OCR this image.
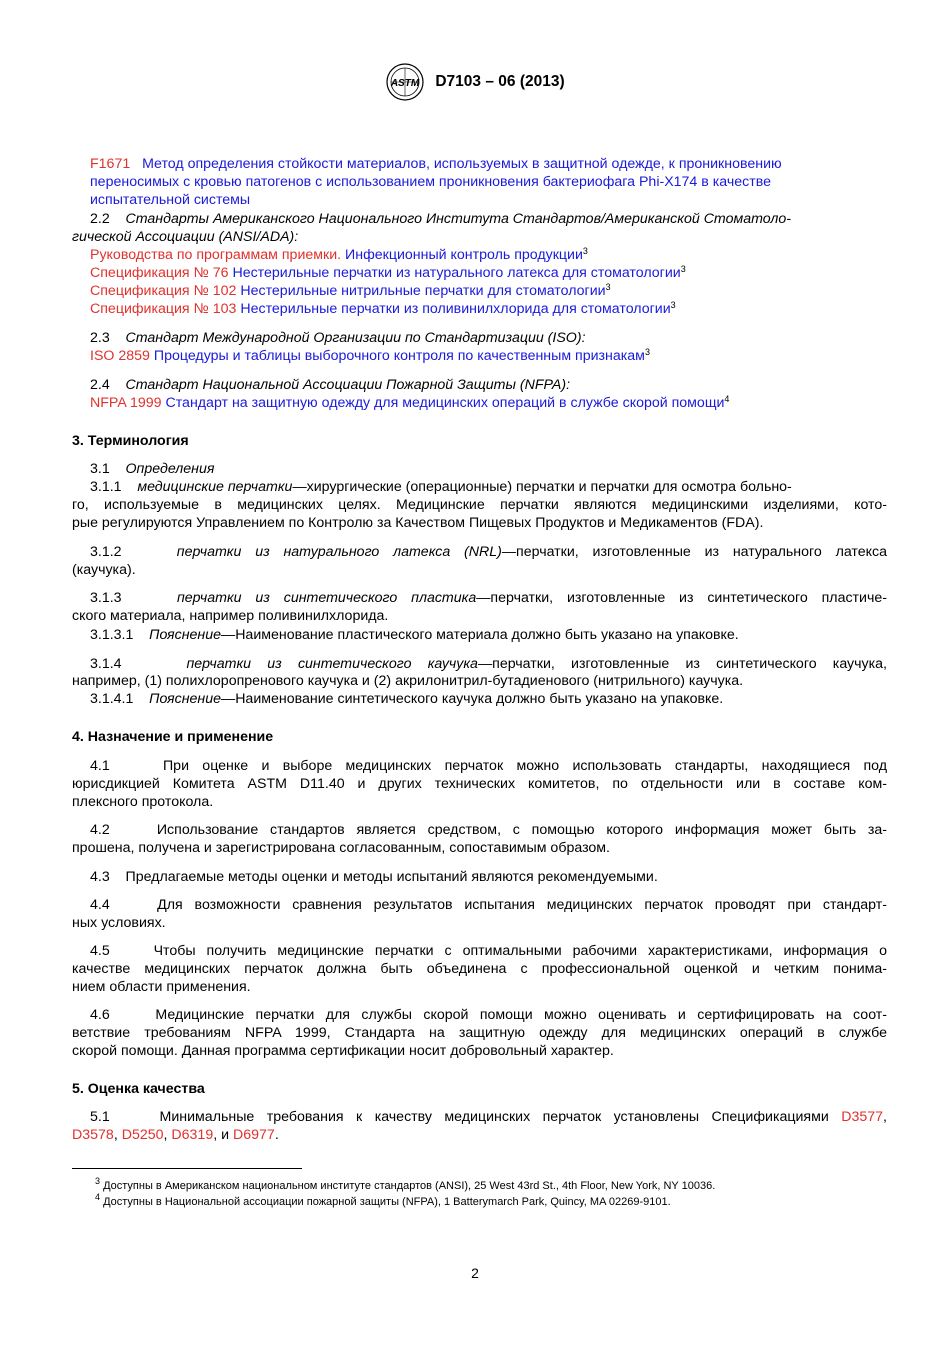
ASTM D7103 – 06 (2013)
F1671 Метод определения стойкости материалов, используемых в защитной одежде, к проникновению
переносимых с кровью патогенов с использованием проникновения бактериофага Phi-X174 в качестве
испытательной системы
2.2 Стандарты Американского Национального Института Стандартов/Американской Стоматоло-
гической Ассоциации (ANSI/ADA):
Руководства по программам приемки. Инфекционный контроль продукции$^3$
Спецификация № 76 Нестерильные перчатки из натурального латекса для стоматологии$^3$
Спецификация № 102 Нестерильные нитрильные перчатки для стоматологии$^3$
Спецификация № 103 Нестерильные перчатки из поливинилхлорида для стоматологии$^3$
2.3 Стандарт Международной Организации по Стандартизации (ISO):
ISO 2859 Процедуры и таблицы выборочного контроля по качественным признакам$^3$
2.4 Стандарт Национальной Ассоциации Пожарной Защиты (NFPA):
NFPA 1999 Стандарт на защитную одежду для медицинских операций в службе скорой помощи$^4$
3. Терминология
3.1 Определения
3.1.1 медицинские перчатки—хирургические (операционные) перчатки и перчатки для осмотра больно-
го, используемые в медицинских целях. Медицинские перчатки являются медицинскими изделиями, кото-
рые регулируются Управлением по Контролю за Качеством Пищевых Продуктов и Медикаментов (FDA).
3.1.2	перчатки из натурального латекса (NRL)—перчатки, изготовленные из натурального латекса
(каучука).
3.1.3	перчатки из синтетического пластика—перчатки, изготовленные из синтетического пластиче-
ского материала, например поливинилхлорида.
3.1.3.1 Пояснение—Наименование пластического материала должно быть указано на упаковке.
3.1.4	перчатки из синтетического каучука—перчатки, изготовленные из синтетического каучука,
например, (1) полихлоропренового каучука и (2) акрилонитрил-бутадиенового (нитрильного) каучука.
3.1.4.1 Пояснение—Наименование синтетического каучука должно быть указано на упаковке.
4. Назначение и применение
4.1	При оценке и выборе медицинских перчаток можно использовать стандарты, находящиеся под
юрисдикцией Комитета ASTM D11.40 и других технических комитетов, по отдельности или в составе ком-
плексного протокола.
4.2	Использование стандартов является средством, с помощью которого информация может быть за-
прошена, получена и зарегистрирована согласованным, сопоставимым образом.
4.3 Предлагаемые методы оценки и методы испытаний являются рекомендуемыми.
4.4	Для возможности сравнения результатов испытания медицинских перчаток проводят при стандарт-
ных условиях.
4.5	Чтобы получить медицинские перчатки с оптимальными рабочими характеристиками, информация о
качестве медицинских перчаток должна быть объединена с профессиональной оценкой и четким понима-
нием области применения.
4.6	Медицинские перчатки для службы скорой помощи можно оценивать и сертифицировать на соот-
ветствие требованиям NFPA 1999, Стандарта на защитную одежду для медицинских операций в службе
скорой помощи. Данная программа сертификации носит добровольный характер.
5. Оценка качества
5.1	Минимальные требования к качеству медицинских перчаток установлены Спецификациями D3577,
D3578, D5250, D6319, и D6977.
$^3$ Доступны в Американском национальном институте стандартов (ANSI), 25 West 43rd St., 4th Floor, New York, NY 10036.
$^4$ Доступны в Национальной ассоциации пожарной защиты (NFPA), 1 Batterymarch Park, Quincy, MA 02269-9101.
2
